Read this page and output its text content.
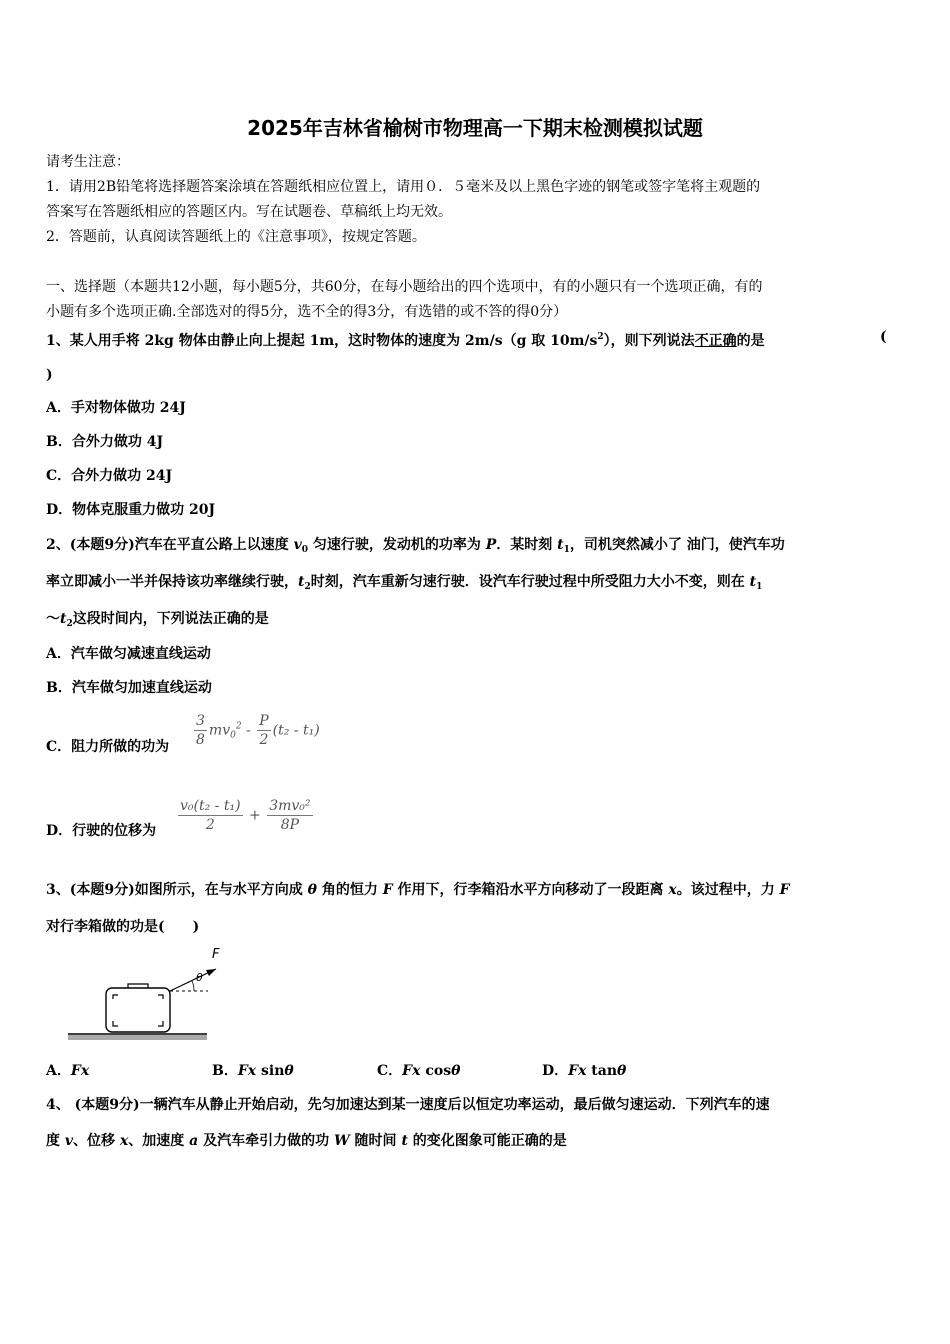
2025年吉林省榆树市物理高一下期末检测模拟试题
请考生注意：
1．请用2B铅笔将选择题答案涂填在答题纸相应位置上，请用０．５毫米及以上黑色字迹的钢笔或签字笔将主观题的
答案写在答题纸相应的答题区内。写在试题卷、草稿纸上均无效。
2．答题前，认真阅读答题纸上的《注意事项》，按规定答题。
一、选择题（本题共12小题，每小题5分，共60分，在每小题给出的四个选项中，有的小题只有一个选项正确，有的
小题有多个选项正确.全部选对的得5分，选不全的得3分，有选错的或不答的得0分）
1、某人用手将 2kg 物体由静止向上提起 1m，这时物体的速度为 2m/s（g 取 $10m/s^2$），则下列说法不正确的是	(
)
A．手对物体做功 24J
B．合外力做功 4J
C．合外力做功 24J
D．物体克服重力做功 20J
2、(本题9分)汽车在平直公路上以速度 $v_0$ 匀速行驶，发动机的功率为 P．某时刻 $t_1$，司机突然减小了 油门，使汽车功
率立即减小一半并保持该功率继续行驶，$t_2$时刻，汽车重新匀速行驶．设汽车行驶过程中所受阻力大小不变，则在 $t_1$
$\sim t_2$这段时间内，下列说法正确的是
A．汽车做匀减速直线运动
B．汽车做匀加速直线运动
C．阻力所做的功为 $\frac{3}{8} mv_0^2 - \frac{P}{2} (t_2 - t_1)$
D．行驶的位移为 $\frac{\text{v₀(t₂ - t₁)}}{2} + \frac{\text{3mv₀²}}{8P}$
3、(本题9分)如图所示，在与水平方向成 θ 角的恒力 F 作用下，行李箱沿水平方向移动了一段距离 x。该过程中，力 F
对行李箱做的功是(　　)
θ
F
A．Fx	B．Fx sinθ	C．Fx cosθ	D．Fx tanθ
4、 (本题9分)一辆汽车从静止开始启动，先匀加速达到某一速度后以恒定功率运动，最后做匀速运动．下列汽车的速
度 v、位移 x、加速度 a 及汽车牵引力做的功 W 随时间 t 的变化图象可能正确的是
